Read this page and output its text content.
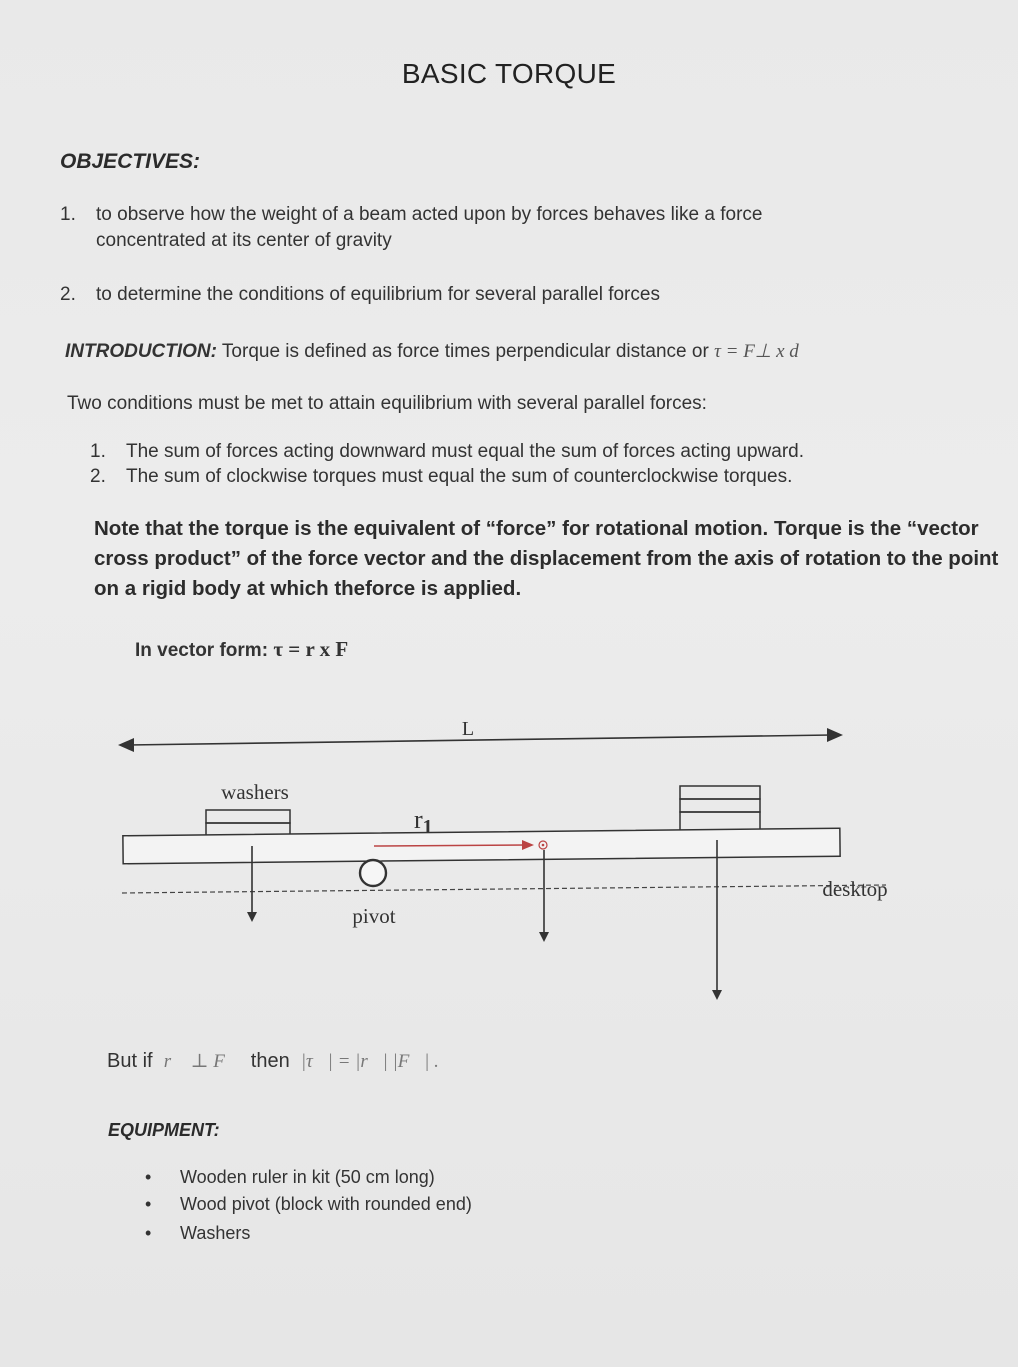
BASIC TORQUE
OBJECTIVES:
1. to observe how the weight of a beam acted upon by forces behaves like a force
concentrated at its center of gravity
2. to determine the conditions of equilibrium for several parallel forces
INTRODUCTION: Torque is defined as force times perpendicular distance or τ = F⊥ x d
Two conditions must be met to attain equilibrium with several parallel forces:
1. The sum of forces acting downward must equal the sum of forces acting upward.
2. The sum of clockwise torques must equal the sum of counterclockwise torques.
Note that the torque is the equivalent of “force” for rotational motion. Torque is the “vector cross product” of the force vector and the displacement from the axis of rotation to the point on a rigid body at which theforce is applied.
In vector form: τ = r x F
L
washers
r1
pivot
desktop
But if r⃗ ⊥ F⃗ then |τ⃗| = |r⃗| |F⃗| .
EQUIPMENT:
• Wooden ruler in kit (50 cm long)
• Wood pivot (block with rounded end)
• Washers
